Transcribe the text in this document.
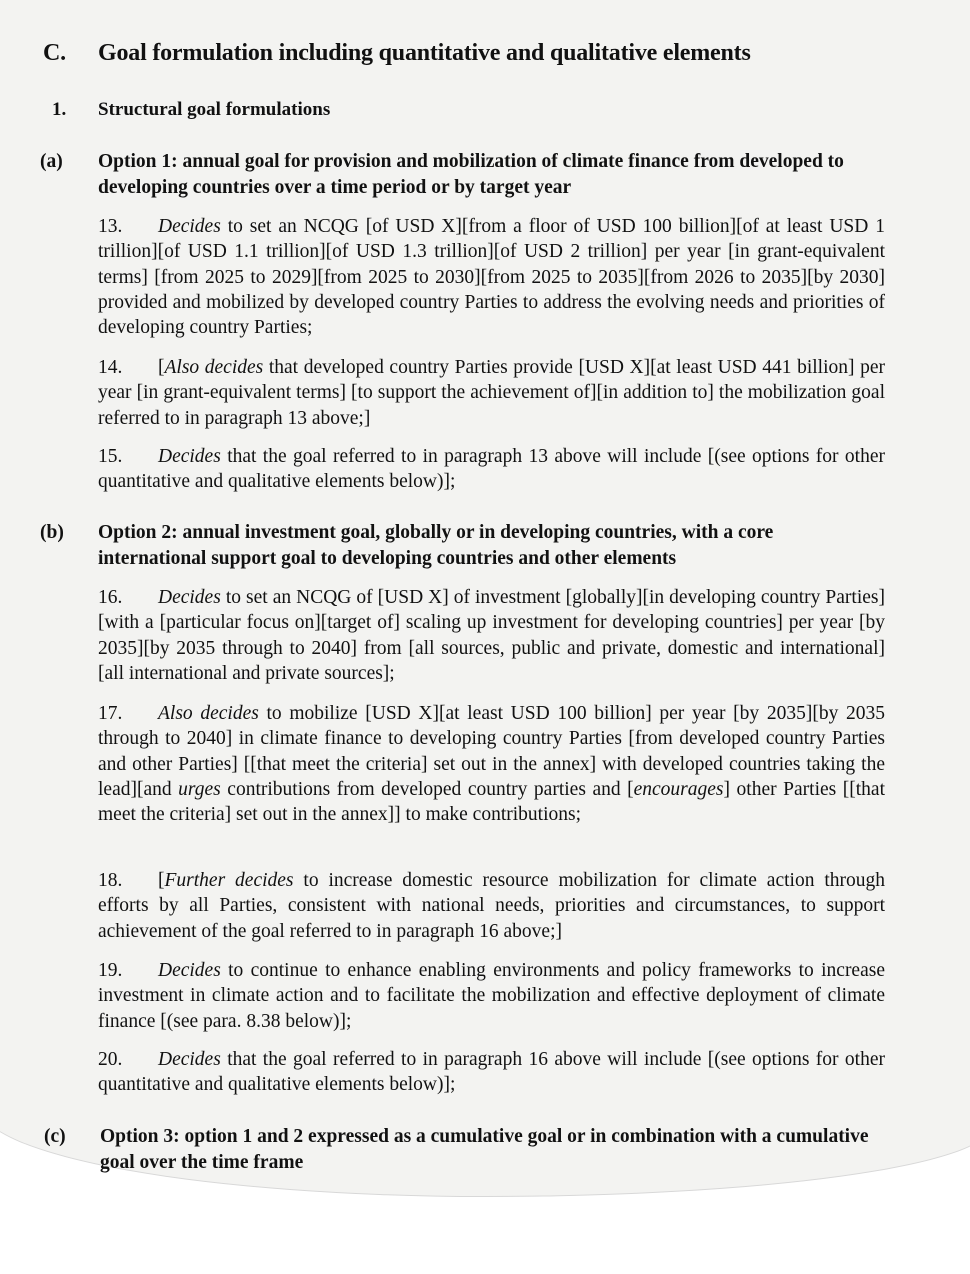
C. Goal formulation including quantitative and qualitative elements
1. Structural goal formulations
(a) Option 1: annual goal for provision and mobilization of climate finance from developed to developing countries over a time period or by target year
13. Decides to set an NCQG [of USD X][from a floor of USD 100 billion][of at least USD 1 trillion][of USD 1.1 trillion][of USD 1.3 trillion][of USD 2 trillion] per year [in grant-equivalent terms] [from 2025 to 2029][from 2025 to 2030][from 2025 to 2035][from 2026 to 2035][by 2030] provided and mobilized by developed country Parties to address the evolving needs and priorities of developing country Parties;
14. [Also decides that developed country Parties provide [USD X][at least USD 441 billion] per year [in grant-equivalent terms] [to support the achievement of][in addition to] the mobilization goal referred to in paragraph 13 above;]
15. Decides that the goal referred to in paragraph 13 above will include [(see options for other quantitative and qualitative elements below)];
(b) Option 2: annual investment goal, globally or in developing countries, with a core international support goal to developing countries and other elements
16. Decides to set an NCQG of [USD X] of investment [globally][in developing country Parties][with a [particular focus on][target of] scaling up investment for developing countries] per year [by 2035][by 2035 through to 2040] from [all sources, public and private, domestic and international][all international and private sources];
17. Also decides to mobilize [USD X][at least USD 100 billion] per year [by 2035][by 2035 through to 2040] in climate finance to developing country Parties [from developed country Parties and other Parties] [[that meet the criteria] set out in the annex] with developed countries taking the lead][and urges contributions from developed country parties and [encourages] other Parties [[that meet the criteria] set out in the annex]] to make contributions;
18. [Further decides to increase domestic resource mobilization for climate action through efforts by all Parties, consistent with national needs, priorities and circumstances, to support achievement of the goal referred to in paragraph 16 above;]
19. Decides to continue to enhance enabling environments and policy frameworks to increase investment in climate action and to facilitate the mobilization and effective deployment of climate finance [(see para. 8.38 below)];
20. Decides that the goal referred to in paragraph 16 above will include [(see options for other quantitative and qualitative elements below)];
(c) Option 3: option 1 and 2 expressed as a cumulative goal or in combination with a cumulative goal over the time frame
